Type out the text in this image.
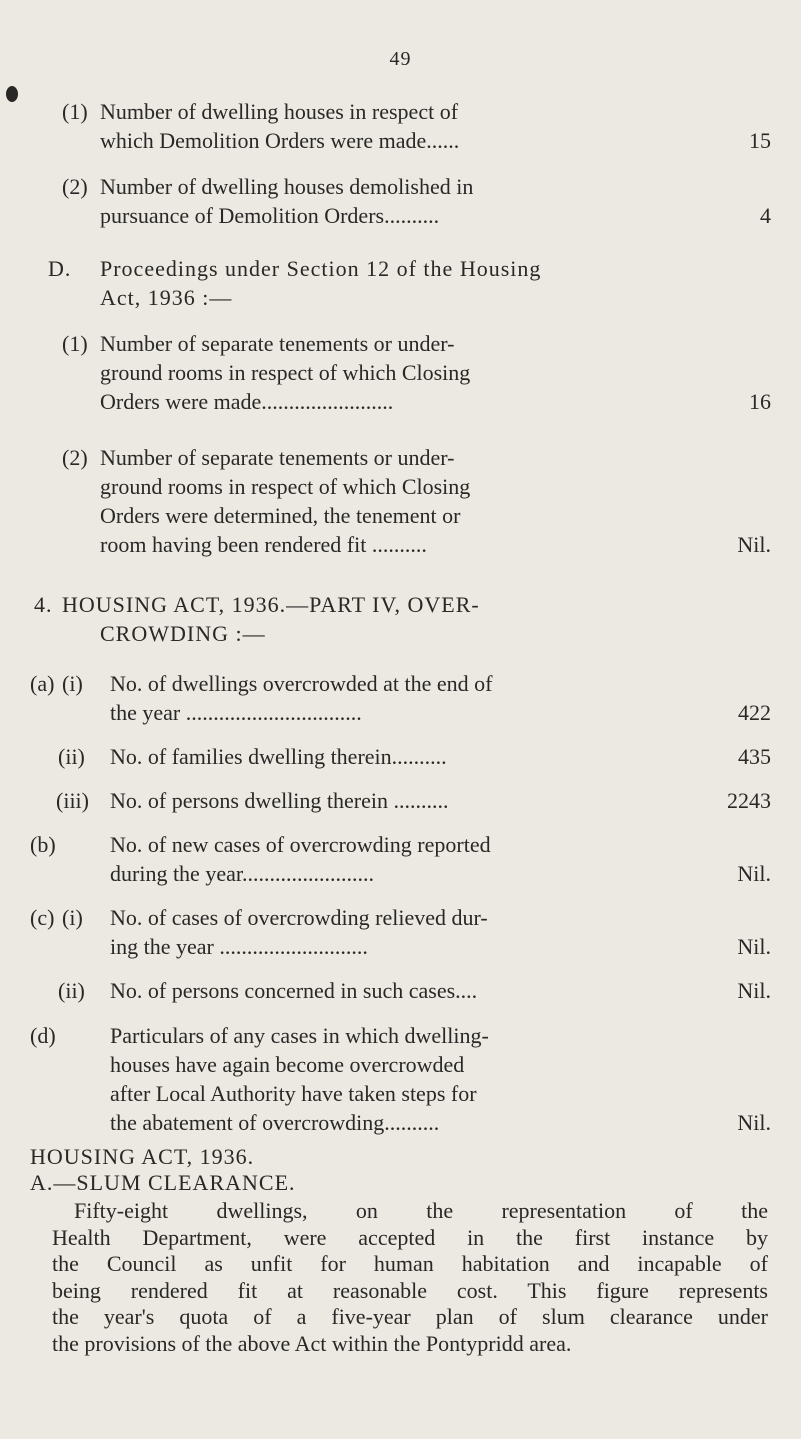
49
(1) Number of dwelling houses in respect of
which Demolition Orders were made......	15
(2) Number of dwelling houses demolished in
pursuance of Demolition Orders..........	4
D. Proceedings under Section 12 of the Housing
Act, 1936 :—
(1) Number of separate tenements or under-
ground rooms in respect of which Closing
Orders were made........................	16
(2) Number of separate tenements or under-
ground rooms in respect of which Closing
Orders were determined, the tenement or
room having been rendered fit ..........	Nil.
4. HOUSING ACT, 1936.—PART IV, OVER-
CROWDING :—
(a) (i) No. of dwellings overcrowded at the end of
the year ................................	422
(ii) No. of families dwelling therein..........	435
(iii) No. of persons dwelling therein ..........	2243
(b) No. of new cases of overcrowding reported
during the year........................	Nil.
(c) (i) No. of cases of overcrowding relieved dur-
ing the year ...........................	Nil.
(ii) No. of persons concerned in such cases....	Nil.
(d) Particulars of any cases in which dwelling-
houses have again become overcrowded
after Local Authority have taken steps for
the abatement of overcrowding..........	Nil.
HOUSING ACT, 1936.
A.—SLUM CLEARANCE.
Fifty-eight dwellings, on the representation of the
Health Department, were accepted in the first instance by
the Council as unfit for human habitation and incapable of
being rendered fit at reasonable cost. This figure represents
the year's quota of a five-year plan of slum clearance under
the provisions of the above Act within the Pontypridd area.
